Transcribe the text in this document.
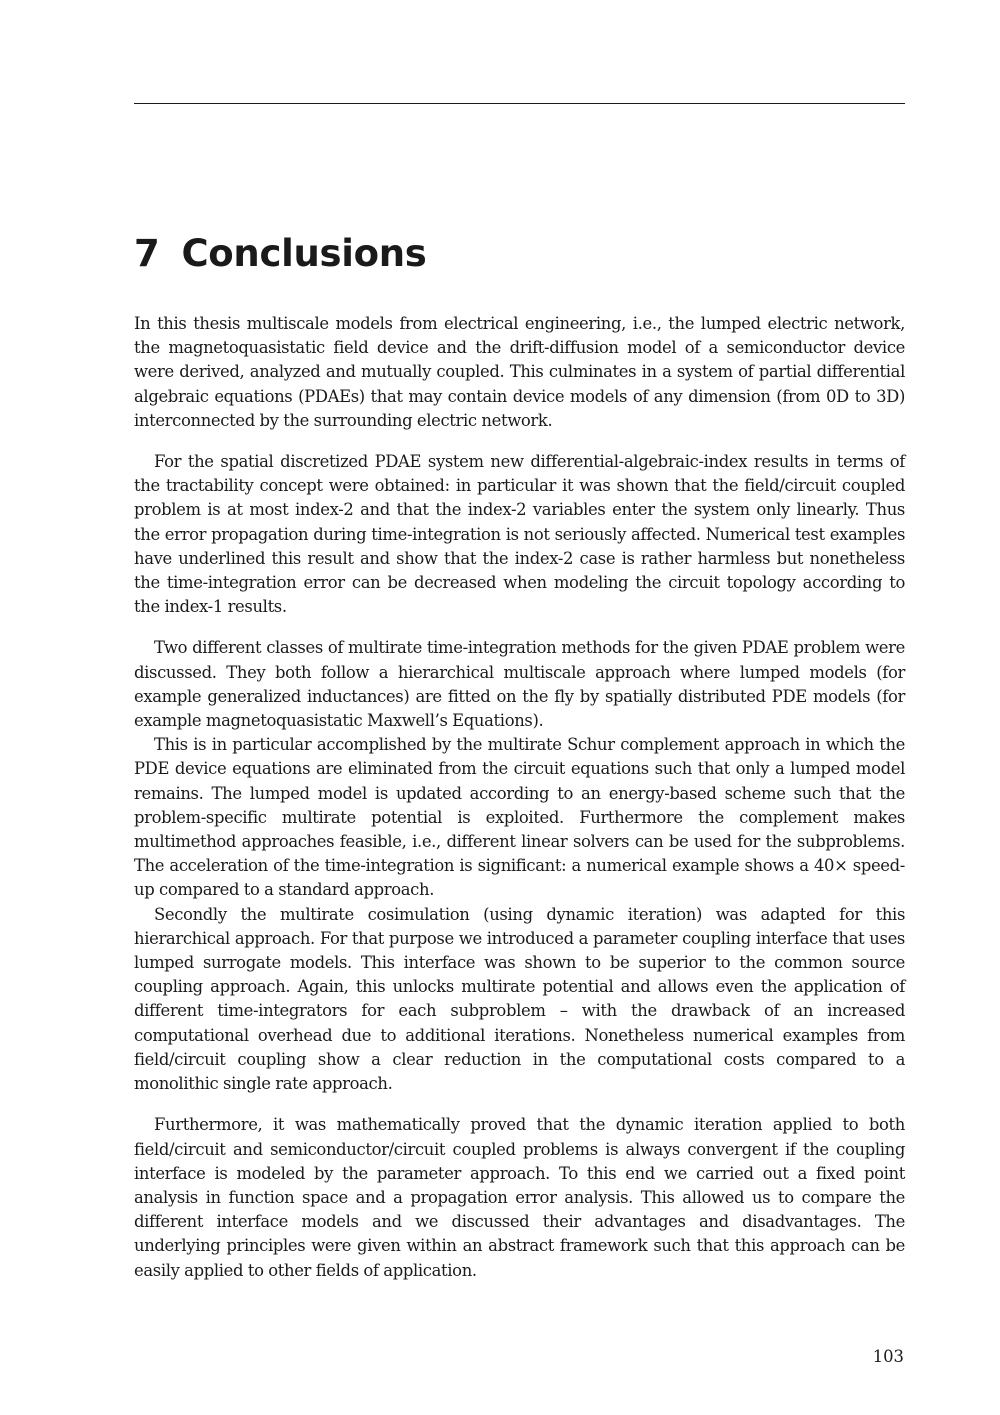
7 Conclusions

In this thesis multiscale models from electrical engineering, i.e., the lumped electric network, the magnetoquasistatic field device and the drift-diffusion model of a semiconductor device were derived, analyzed and mutually coupled. This culminates in a system of partial differential algebraic equations (PDAEs) that may contain device models of any dimension (from 0D to 3D) interconnected by the surrounding electric network.

For the spatial discretized PDAE system new differential-algebraic-index results in terms of the tractability concept were obtained: in particular it was shown that the field/circuit coupled problem is at most index-2 and that the index-2 variables enter the system only linearly. Thus the error propagation during time-integration is not seriously affected. Numerical test examples have underlined this result and show that the index-2 case is rather harmless but nonetheless the time-integration error can be decreased when modeling the circuit topology according to the index-1 results.

Two different classes of multirate time-integration methods for the given PDAE problem were discussed. They both follow a hierarchical multiscale approach where lumped models (for example generalized inductances) are fitted on the fly by spatially distributed PDE models (for example magnetoquasistatic Maxwell’s Equations).

This is in particular accomplished by the multirate Schur complement approach in which the PDE device equations are eliminated from the circuit equations such that only a lumped model remains. The lumped model is updated according to an energy-based scheme such that the problem-specific multirate potential is exploited. Furthermore the complement makes multimethod approaches feasible, i.e., different linear solvers can be used for the subproblems. The acceleration of the time-integration is significant: a numerical example shows a 40× speed-up compared to a standard approach.

Secondly the multirate cosimulation (using dynamic iteration) was adapted for this hierarchical approach. For that purpose we introduced a parameter coupling interface that uses lumped surrogate models. This interface was shown to be superior to the common source coupling approach. Again, this unlocks multirate potential and allows even the application of different time-integrators for each subproblem – with the drawback of an increased computational overhead due to additional iterations. Nonetheless numerical examples from field/circuit coupling show a clear reduction in the computational costs compared to a monolithic single rate approach.

Furthermore, it was mathematically proved that the dynamic iteration applied to both field/circuit and semiconductor/circuit coupled problems is always convergent if the coupling interface is modeled by the parameter approach. To this end we carried out a fixed point analysis in function space and a propagation error analysis. This allowed us to compare the different interface models and we discussed their advantages and disadvantages. The underlying principles were given within an abstract framework such that this approach can be easily applied to other fields of application.

103
